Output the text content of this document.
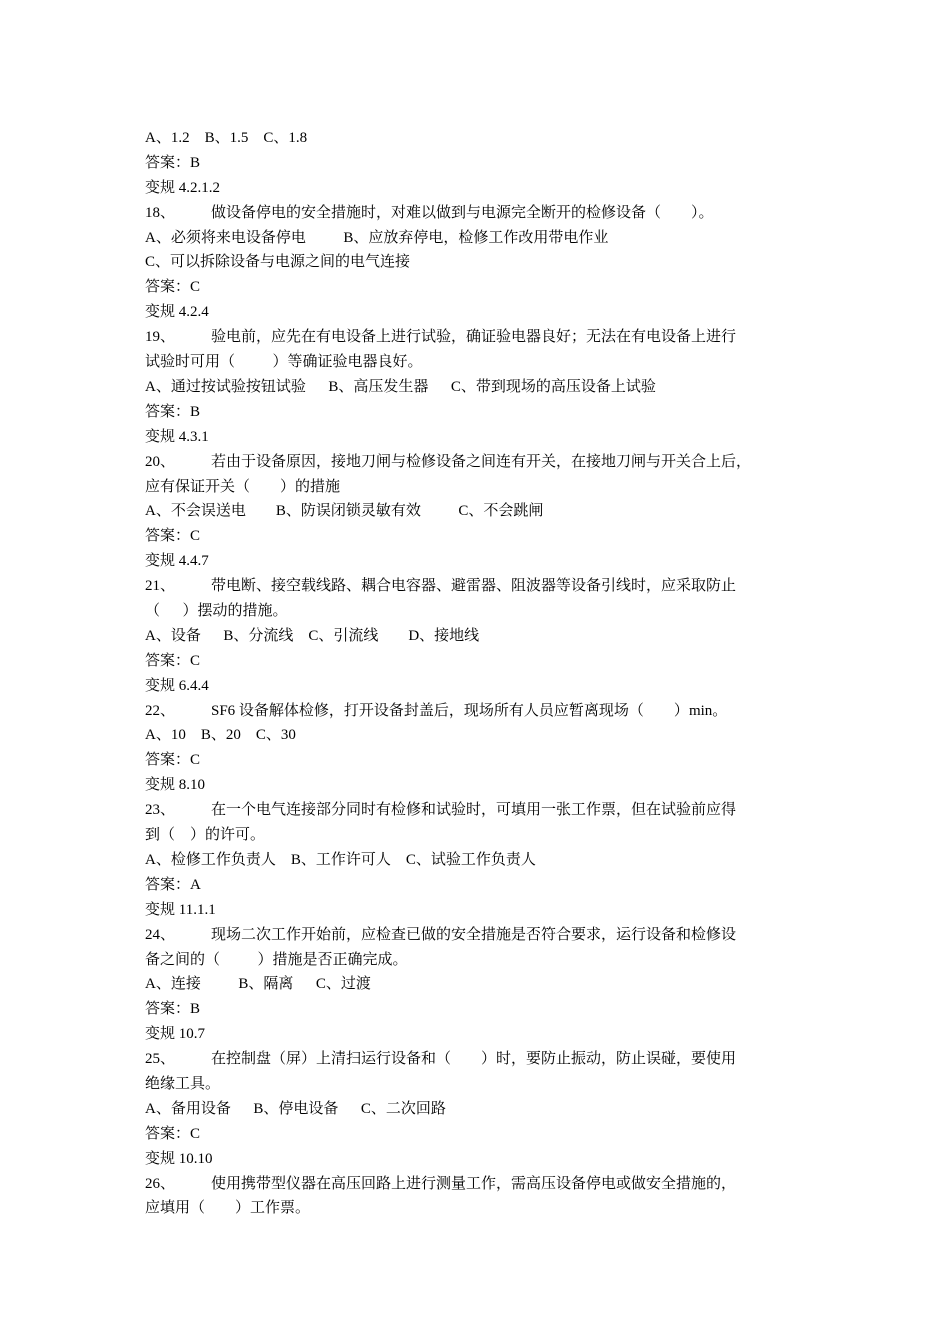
A、1.2    B、1.5    C、1.8
答案：B
变规 4.2.1.2
18、 做设备停电的安全措施时，对难以做到与电源完全断开的检修设备（        ）。
A、必须将来电设备停电          B、应放弃停电，检修工作改用带电作业
C、可以拆除设备与电源之间的电气连接
答案：C
变规 4.2.4
19、 验电前，应先在有电设备上进行试验，确证验电器良好；无法在有电设备上进行
试验时可用（          ）等确证验电器良好。
A、通过按试验按钮试验      B、高压发生器      C、带到现场的高压设备上试验
答案：B
变规 4.3.1
20、 若由于设备原因，接地刀闸与检修设备之间连有开关，在接地刀闸与开关合上后，
应有保证开关（        ）的措施
A、不会误送电        B、防误闭锁灵敏有效          C、不会跳闸
答案：C
变规 4.4.7
21、 带电断、接空载线路、耦合电容器、避雷器、阻波器等设备引线时，应采取防止
（      ）摆动的措施。
A、设备      B、分流线    C、引流线        D、接地线
答案：C
变规 6.4.4
22、 SF6 设备解体检修，打开设备封盖后，现场所有人员应暂离现场（        ）min。
A、10    B、20    C、30
答案：C
变规 8.10
23、 在一个电气连接部分同时有检修和试验时，可填用一张工作票，但在试验前应得
到（    ）的许可。
A、检修工作负责人    B、工作许可人    C、试验工作负责人
答案：A
变规 11.1.1
24、 现场二次工作开始前，应检查已做的安全措施是否符合要求，运行设备和检修设
备之间的（          ）措施是否正确完成。
A、连接          B、隔离      C、过渡
答案：B
变规 10.7
25、 在控制盘（屏）上清扫运行设备和（        ）时，要防止振动，防止误碰，要使用
绝缘工具。
A、备用设备      B、停电设备      C、二次回路
答案：C
变规 10.10
26、 使用携带型仪器在高压回路上进行测量工作，需高压设备停电或做安全措施的，
应填用（        ）工作票。
